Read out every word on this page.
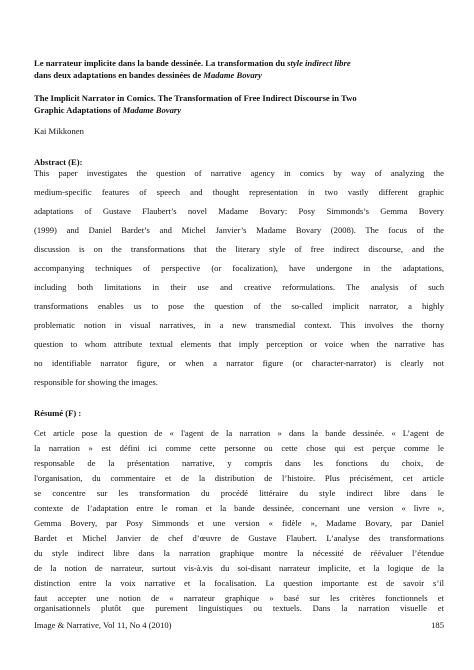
Le narrateur implicite dans la bande dessinée. La transformation du style indirect libre
dans deux adaptations en bandes dessinées de Madame Bovary
The Implicit Narrator in Comics. The Transformation of Free Indirect Discourse in Two
Graphic Adaptations of Madame Bovary
Kai Mikkonen
Abstract (E):
This paper investigates the question of narrative agency in comics by way of analyzing the
medium-specific features of speech and thought representation in two vastly different graphic
adaptations of Gustave Flaubert’s novel Madame Bovary: Posy Simmonds’s Gemma Bovery
(1999) and Daniel Bardet’s and Michel Janvier’s Madame Bovary (2008). The focus of the
discussion is on the transformations that the literary style of free indirect discourse, and the
accompanying techniques of perspective (or focalization), have undergone in the adaptations,
including both limitations in their use and creative reformulations. The analysis of such
transformations enables us to pose the question of the so-called implicit narrator, a highly
problematic notion in visual narratives, in a new transmedial context. This involves the thorny
question to whom attribute textual elements that imply perception or voice when the narrative has
no identifiable narrator figure, or when a narrator figure (or character-narrator) is clearly not
responsible for showing the images.
Résumé (F) :
Cet article pose la question de « l'agent de la narration » dans la bande dessinée. « L’agent de
la narration » est défini ici comme cette personne ou cette chose qui est perçue comme le
responsable de la présentation narrative, y compris dans les fonctions du choix, de
l'organisation, du commentaire et de la distribution de l’histoire. Plus précisément, cet article
se concentre sur les transformation du procédé littéraire du style indirect libre dans le
contexte de l’adaptation entre le roman et la bande dessinée, concernant une version « livre »,
Gemma Bovery, par Posy Simmonds et une version « fidèle », Madame Bovary, par Daniel
Bardet et Michel Janvier de chef d’œuvre de Gustave Flaubert. L’analyse des transformations
du style indirect libre dans la narration graphique montre la nécessité de réévaluer l’étendue
de la notion de narrateur, surtout vis-à.vis du soi-disant narrateur implicite, et la logique de la
distinction entre la voix narrative et la focalisation. La question importante est de savoir s’il
faut accepter une notion de « narrateur graphique » basé sur les critères fonctionnels et
organisationnels plutôt que purement linguistiques ou textuels. Dans la narration visuelle et
Image & Narrative, Vol 11, No 4 (2010)	185
